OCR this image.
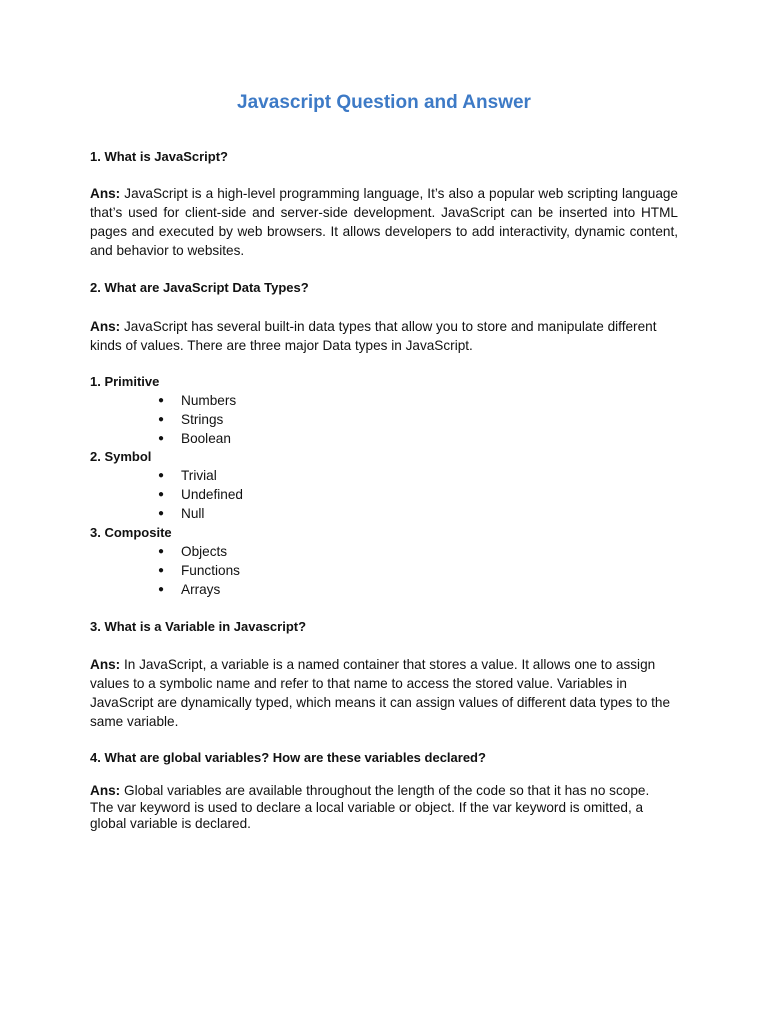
Javascript Question and Answer

1. What is JavaScript?

Ans: JavaScript is a high-level programming language, It’s also a popular web scripting language that’s used for client-side and server-side development. JavaScript can be inserted into HTML pages and executed by web browsers. It allows developers to add interactivity, dynamic content, and behavior to websites.

2. What are JavaScript Data Types?

Ans: JavaScript has several built-in data types that allow you to store and manipulate different kinds of values. There are three major Data types in JavaScript.

1. Primitive

● Numbers
● Strings
● Boolean

2. Symbol

● Trivial
● Undefined
● Null

3. Composite

● Objects
● Functions
● Arrays

3. What is a Variable in Javascript?

Ans: In JavaScript, a variable is a named container that stores a value. It allows one to assign values to a symbolic name and refer to that name to access the stored value. Variables in JavaScript are dynamically typed, which means it can assign values of different data types to the same variable.

4. What are global variables? How are these variables declared?

Ans: Global variables are available throughout the length of the code so that it has no scope. The var keyword is used to declare a local variable or object. If the var keyword is omitted, a global variable is declared.
